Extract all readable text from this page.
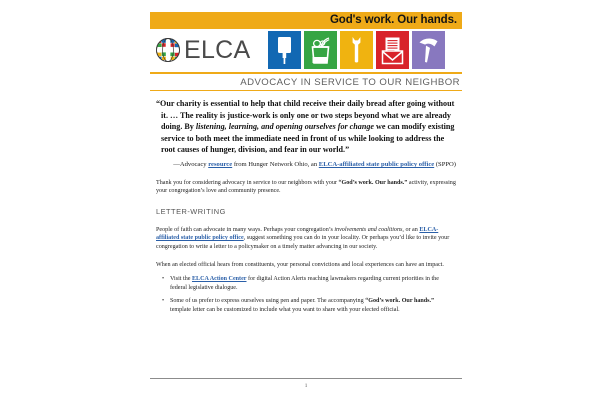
God's work. Our hands.
ELCA
ADVOCACY IN SERVICE TO OUR NEIGHBOR
“Our charity is essential to help that child receive their daily bread after going without it. … The reality is justice-work is only one or two steps beyond what we are already doing. By listening, learning, and opening ourselves for change we can modify existing service to both meet the immediate need in front of us while looking to address the root causes of hunger, division, and fear in our world.”
—Advocacy resource from Hunger Network Ohio, an ELCA-affiliated state public policy office (SPPO)
Thank you for considering advocacy in service to our neighbors with your “God’s work. Our hands.” activity, expressing your congregation’s love and community presence.
LETTER-WRITING
People of faith can advocate in many ways. Perhaps your congregation’s involvements and coalitions, or an ELCA-affiliated state public policy office, suggest something you can do in your locality. Or perhaps you’d like to invite your congregation to write a letter to a policymaker on a timely matter advancing in our society.
When an elected official hears from constituents, your personal convictions and local experiences can have an impact.
• Visit the ELCA Action Center for digital Action Alerts reaching lawmakers regarding current priorities in the federal legislative dialogue.
• Some of us prefer to express ourselves using pen and paper. The accompanying “God’s work. Our hands.” template letter can be customized to include what you want to share with your elected official.
1
